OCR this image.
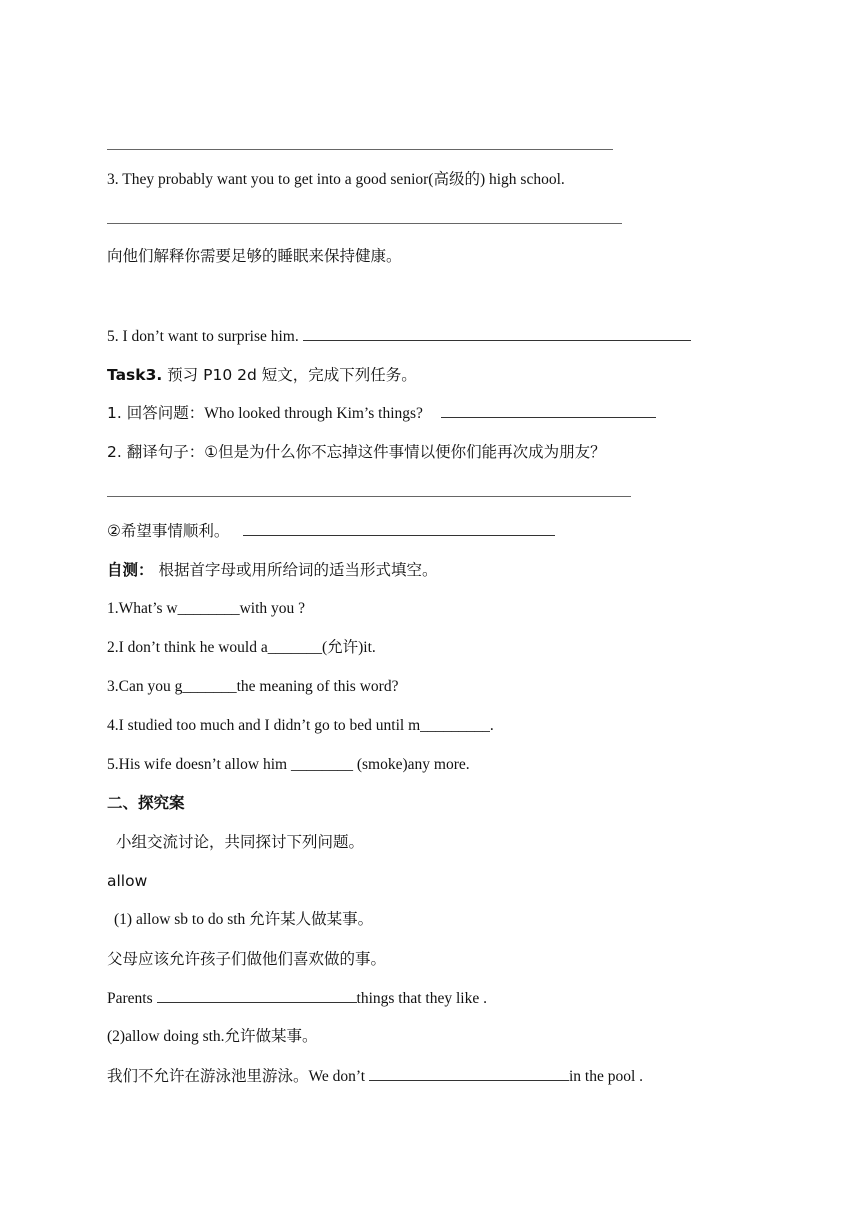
3. They probably want you to get into a good senior(高级的) high school.
向他们解释你需要足够的睡眠来保持健康。
5. I don’t want to surprise him.
Task3. 预习 P10 2d 短文，完成下列任务。
1. 回答问题：Who looked through Kim’s things?
2. 翻译句子：①但是为什么你不忘掉这件事情以便你们能再次成为朋友？
②希望事情顺利。
自测： 根据首字母或用所给词的适当形式填空。
1.What’s w________with you ?
2.I don’t think he would a_______(允许)it.
3.Can you g_______the meaning of this word?
4.I studied too much and I didn’t go to bed until m_________.
5.His wife doesn’t allow him ________ (smoke)any more.
二、探究案
小组交流讨论，共同探讨下列问题。
allow
(1) allow sb to do sth 允许某人做某事。
父母应该允许孩子们做他们喜欢做的事。
Parents	things that they like .
(2)allow doing sth.允许做某事。
我们不允许在游泳池里游泳。We don’t	in the pool .
